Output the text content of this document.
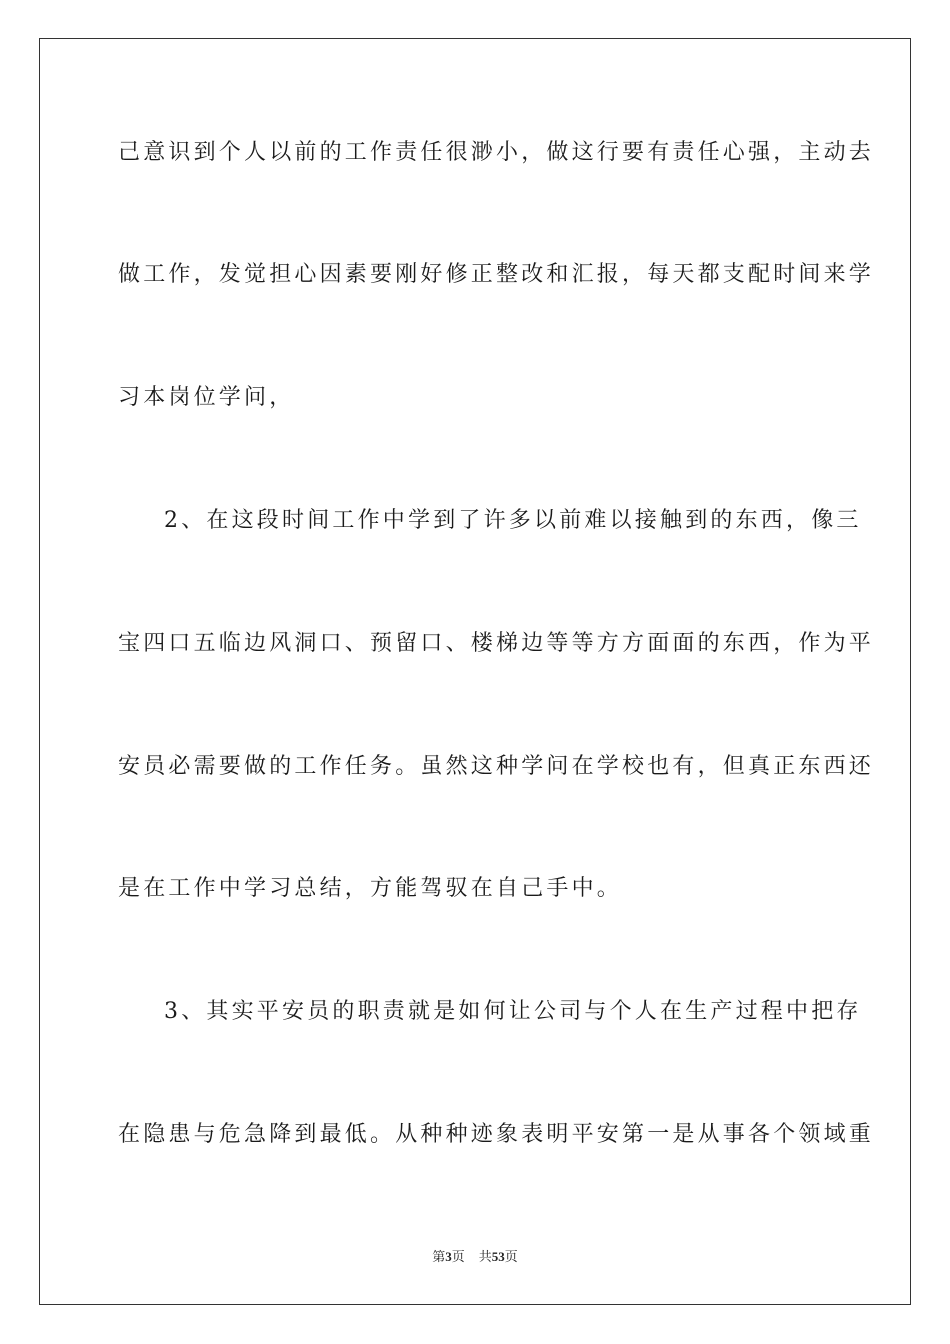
己意识到个人以前的工作责任很渺小，做这行要有责任心强，主动去
做工作，发觉担心因素要刚好修正整改和汇报，每天都支配时间来学
习本岗位学问，
2、在这段时间工作中学到了许多以前难以接触到的东西，像三
宝四口五临边风洞口、预留口、楼梯边等等方方面面的东西，作为平
安员必需要做的工作任务。虽然这种学问在学校也有，但真正东西还
是在工作中学习总结，方能驾驭在自己手中。
3、其实平安员的职责就是如何让公司与个人在生产过程中把存
在隐患与危急降到最低。从种种迹象表明平安第一是从事各个领域重
第3页 共53页
